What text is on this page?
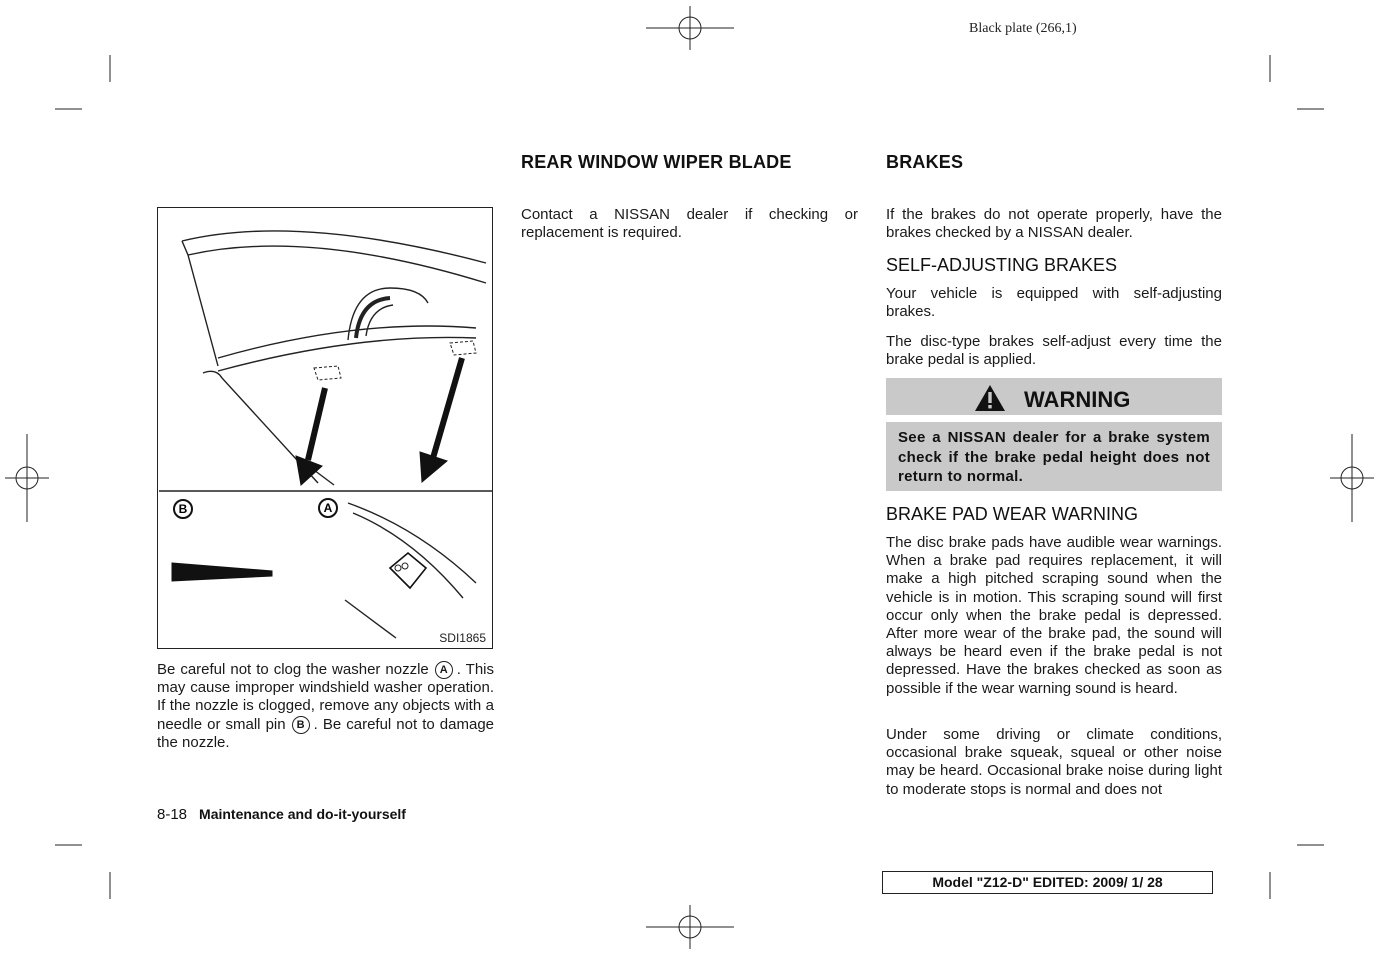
Black plate (266,1)
B	A
SDI1865

Be careful not to clog the washer nozzle A . This may cause improper windshield washer operation. If the nozzle is clogged, remove any objects with a needle or small pin B . Be careful not to damage the nozzle.

REAR WINDOW WIPER BLADE

Contact a NISSAN dealer if checking or replacement is required.

BRAKES

If the brakes do not operate properly, have the brakes checked by a NISSAN dealer.

SELF-ADJUSTING BRAKES

Your vehicle is equipped with self-adjusting brakes.

The disc-type brakes self-adjust every time the brake pedal is applied.

WARNING

See a NISSAN dealer for a brake system check if the brake pedal height does not return to normal.

BRAKE PAD WEAR WARNING

The disc brake pads have audible wear warnings. When a brake pad requires replacement, it will make a high pitched scraping sound when the vehicle is in motion. This scraping sound will first occur only when the brake pedal is depressed. After more wear of the brake pad, the sound will always be heard even if the brake pedal is not depressed. Have the brakes checked as soon as possible if the wear warning sound is heard.

Under some driving or climate conditions, occasional brake squeak, squeal or other noise may be heard. Occasional brake noise during light to moderate stops is normal and does not

8-18 Maintenance and do-it-yourself
Model "Z12-D" EDITED: 2009/ 1/ 28
